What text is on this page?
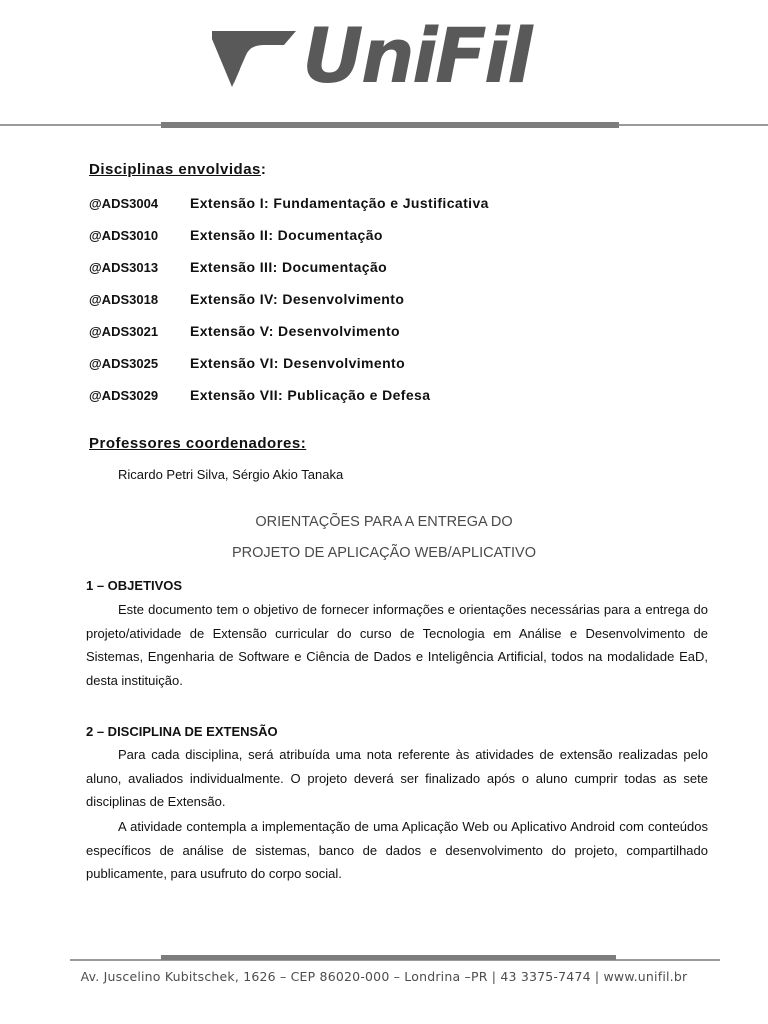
UniFil
Disciplinas envolvidas:
@ADS3004	Extensão I: Fundamentação e Justificativa
@ADS3010	Extensão II: Documentação
@ADS3013	Extensão III: Documentação
@ADS3018	Extensão IV: Desenvolvimento
@ADS3021	Extensão V: Desenvolvimento
@ADS3025	Extensão VI: Desenvolvimento
@ADS3029	Extensão VII: Publicação e Defesa
Professores coordenadores:
Ricardo Petri Silva, Sérgio Akio Tanaka
ORIENTAÇÕES PARA A ENTREGA DO
PROJETO DE APLICAÇÃO WEB/APLICATIVO
1 – OBJETIVOS
Este documento tem o objetivo de fornecer informações e orientações necessárias para a entrega do projeto/atividade de Extensão curricular do curso de Tecnologia em Análise e Desenvolvimento de Sistemas, Engenharia de Software e Ciência de Dados e Inteligência Artificial, todos na modalidade EaD, desta instituição.
2 – DISCIPLINA DE EXTENSÃO
Para cada disciplina, será atribuída uma nota referente às atividades de extensão realizadas pelo aluno, avaliados individualmente. O projeto deverá ser finalizado após o aluno cumprir todas as sete disciplinas de Extensão.
A atividade contempla a implementação de uma Aplicação Web ou Aplicativo Android com conteúdos específicos de análise de sistemas, banco de dados e desenvolvimento do projeto, compartilhado publicamente, para usufruto do corpo social.
Av. Juscelino Kubitschek, 1626 – CEP 86020-000 – Londrina –PR | 43 3375-7474 | www.unifil.br
